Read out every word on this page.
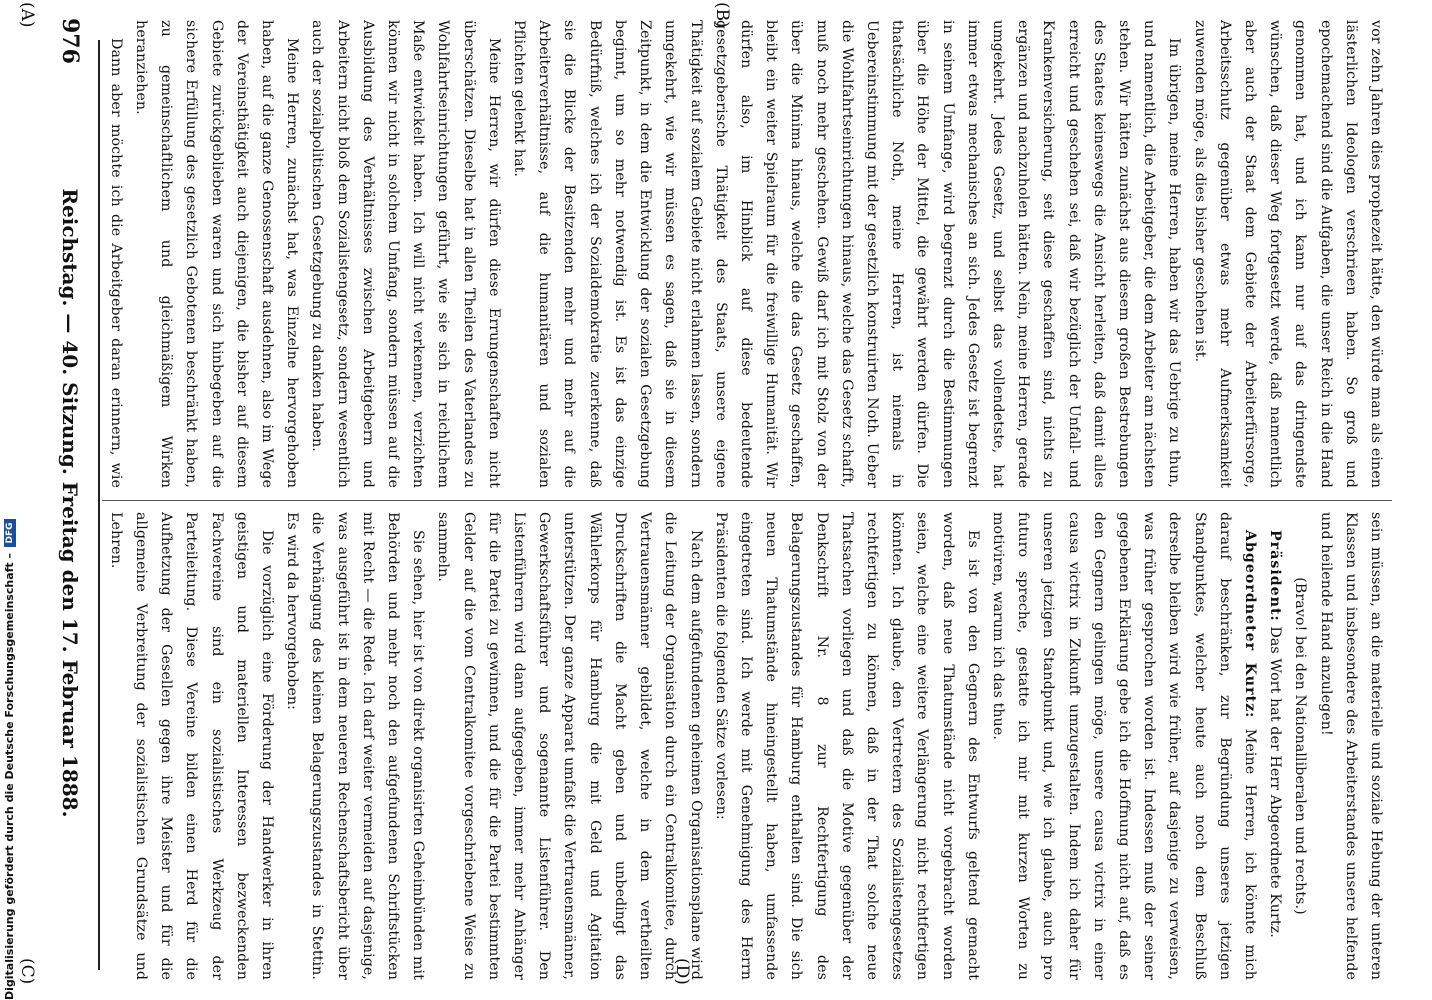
976
Reichstag. — 40. Sitzung. Freitag den 17. Februar 1888.
(A)	(B)
(C)	(D)

vor zehn Jahren dies prophezeit hätte, den würde man als einen lästerlichen Ideologen verschrieen haben. So groß und epochemachend sind die Aufgaben, die unser Reich in die Hand genommen hat, und ich kann nur auf das dringendste wünschen, daß dieser Weg fortgesetzt werde, daß namentlich aber auch der Staat dem Gebiete der Arbeiterfürsorge, Arbeitsschutz gegenüber etwas mehr Aufmerksamkeit zuwenden möge, als dies bisher geschehen ist.

Im übrigen, meine Herren, haben wir das Uebrige zu thun, und namentlich, die Arbeitgeber, die dem Arbeiter am nächsten stehen. Wir hätten zunächst aus diesem großen Bestrebungen des Staates keineswegs die Ansicht herleiten, daß damit alles erreicht und geschehen sei, daß wir bezüglich der Unfall- und Krankenversicherung, seit diese geschaffen sind, nichts zu ergänzen und nachzuholen hätten. Nein, meine Herren, gerade umgekehrt. Jedes Gesetz, und selbst das vollendetste, hat immer etwas mechanisches an sich. Jedes Gesetz ist begrenzt in seinem Umfange, wird begrenzt durch die Bestimmungen über die Höhe der Mittel, die gewährt werden dürfen. Die thatsächliche Noth, meine Herren, ist niemals in Uebereinstimmung mit der gesetzlich konstruirten Noth. Ueber die Wohlfahrtseinrichtungen hinaus, welche das Gesetz schafft, muß noch mehr geschehen. Gewiß darf ich mit Stolz von der über die Minima hinaus, welche die das Gesetz geschaffen, bleibt ein weiter Spielraum für die freiwillige Humanität. Wir dürfen also, im Hinblick auf diese bedeutende gesetzgeberische Thätigkeit des Staats, unsere eigene Thätigkeit auf sozialem Gebiete nicht erlahmen lassen, sondern umgekehrt, wie wir müssen es sagen, daß sie in diesem Zeitpunkt, in dem die Entwicklung der sozialen Gesetzgebung beginnt, um so mehr notwendig ist. Es ist das einzige Bedürfniß, welches ich der Sozialdemokratie zuerkenne, daß sie die Blicke der Besitzenden mehr und mehr auf die Arbeiterverhältnisse, auf die humanitären und sozialen Pflichten gelenkt hat.

Meine Herren, wir dürfen diese Errungenschaften nicht überschätzen. Dieselbe hat in allen Theilen des Vaterlandes zu Wohlfahrtseinrichtungen geführt, wie sie sich in reichlichem Maße entwickelt haben. Ich will nicht verkennen, verzichten können wir nicht in solchem Umfang, sondern müssen auf die Ausbildung des Verhältnisses zwischen Arbeitgebern und Arbeitern nicht bloß dem Sozialistengesetz, sondern wesentlich auch der sozialpolitischen Gesetzgebung zu danken haben.

Meine Herren, zunächst hat, was Einzelne hervorgehoben haben, auf die ganze Genossenschaft ausdehnen, also im Wege der Vereinsthätigkeit auch diejenigen, die bisher auf diesem Gebiete zurückgeblieben waren und sich hinbegeben auf die sichere Erfüllung des gesetzlich Gebotenen beschränkt haben, zu gemeinschaftlichem und gleichmäßigem Wirken heranziehen.

Dann aber möchte ich die Arbeitgeber daran erinnern, wie

sein müssen, an die materielle und soziale Hebung der unteren Klassen und insbesondere des Arbeiterstandes unsere helfende und heilende Hand anzulegen!

(Bravo! bei den Nationalliberalen und rechts.)

Präsident: Das Wort hat der Herr Abgeordnete Kurtz.

Abgeordneter Kurtz: Meine Herren, ich könnte mich darauf beschränken, zur Begründung unseres jetzigen Standpunktes, welcher heute auch noch dem Beschluß derselbe bleiben wird wie früher, auf dasjenige zu verweisen, was früher gesprochen worden ist. Indessen muß der seiner gegebenen Erklärung gebe ich die Hoffnung nicht auf, daß es den Gegnern gelingen möge, unsere causa victrix in einer causa victrix in Zukunft umzugestalten. Indem ich daher für unseren jetzigen Standpunkt und, wie ich glaube, auch pro futuro spreche, gestatte ich mir mit kurzen Worten zu motiviren, warum ich das thue.

Es ist von den Gegnern des Entwurfs geltend gemacht worden, daß neue Thatumstände nicht vorgebracht worden seien, welche eine weitere Verlängerung nicht rechtfertigen könnten. Ich glaube, den Vertretern des Sozialistengesetzes rechtfertigen zu können, daß in der That solche neue Thatsachen vorliegen und daß die Motive gegenüber der Denkschrift Nr. 8 zur Rechtfertigung des Belagerungszustandes für Hamburg enthalten sind. Die sich neuen Thatumstände hineingestellt haben, umfassende eingetreten sind. Ich werde mit Genehmigung des Herrn Präsidenten die folgenden Sätze vorlesen:

Nach dem aufgefundenen geheimen Organisationsplane wird die Leitung der Organisation durch ein Centralkomitee, durch Vertrauensmänner gebildet, welche in dem vertheilten Druckschriften die Macht geben und unbedingt das Wählerkorps für Hamburg die mit Geld und Agitation unterstützen. Der ganze Apparat umfaßt die Vertrauensmänner, Gewerkschaftsführer und sogenannte Listenführer. Den Listenführern wird dann aufgegeben, immer mehr Anhänger für die Partei zu gewinnen, und die für die Partei bestimmten Gelder auf die vom Centralkomitee vorgeschriebene Weise zu sammeln.

Sie sehen, hier ist von direkt organisirten Geheimbünden mit Behörden und mehr noch den aufgefundenen Schriftstücken mit Recht — die Rede. Ich darf weiter vermeiden auf dasjenige, was ausgeführt ist in dem neueren Rechenschaftsbericht über die Verhängung des kleinen Belagerungszustandes in Stettin. Es wird da hervorgehoben:

Die vorzüglich eine Förderung der Handwerker in ihren geistigen und materiellen Interessen bezweckenden Fachvereine sind ein sozialistisches Werkzeug der Parteileitung. Diese Vereine bilden einen Herd für die Aufhetzung der Gesellen gegen ihre Meister und für die allgemeine Verbreitung der sozialistischen Grundsätze und Lehren.

Digitalisierung gefördert durch die Deutsche Forschungsgemeinschaft –
DFG
